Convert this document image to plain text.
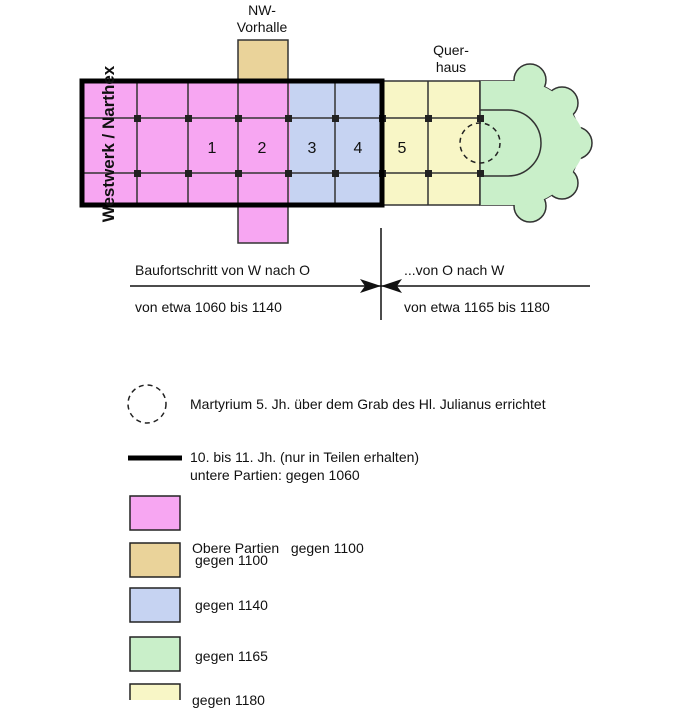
1	2	3 4 5
Westwerk / Narthex
NW-
Vorhalle
Quer-
haus
Baufortschritt von W nach O	...von O nach W
von etwa 1060 bis 1140	von etwa 1165 bis 1180
Martyrium 5. Jh. über dem Grab des Hl. Julianus errichtet
10. bis 11. Jh. (nur in Teilen erhalten)
untere Partien: gegen 1060

Obere Partien   gegen 1100

gegen 1100
gegen 1140
gegen 1165
gegen 1180
